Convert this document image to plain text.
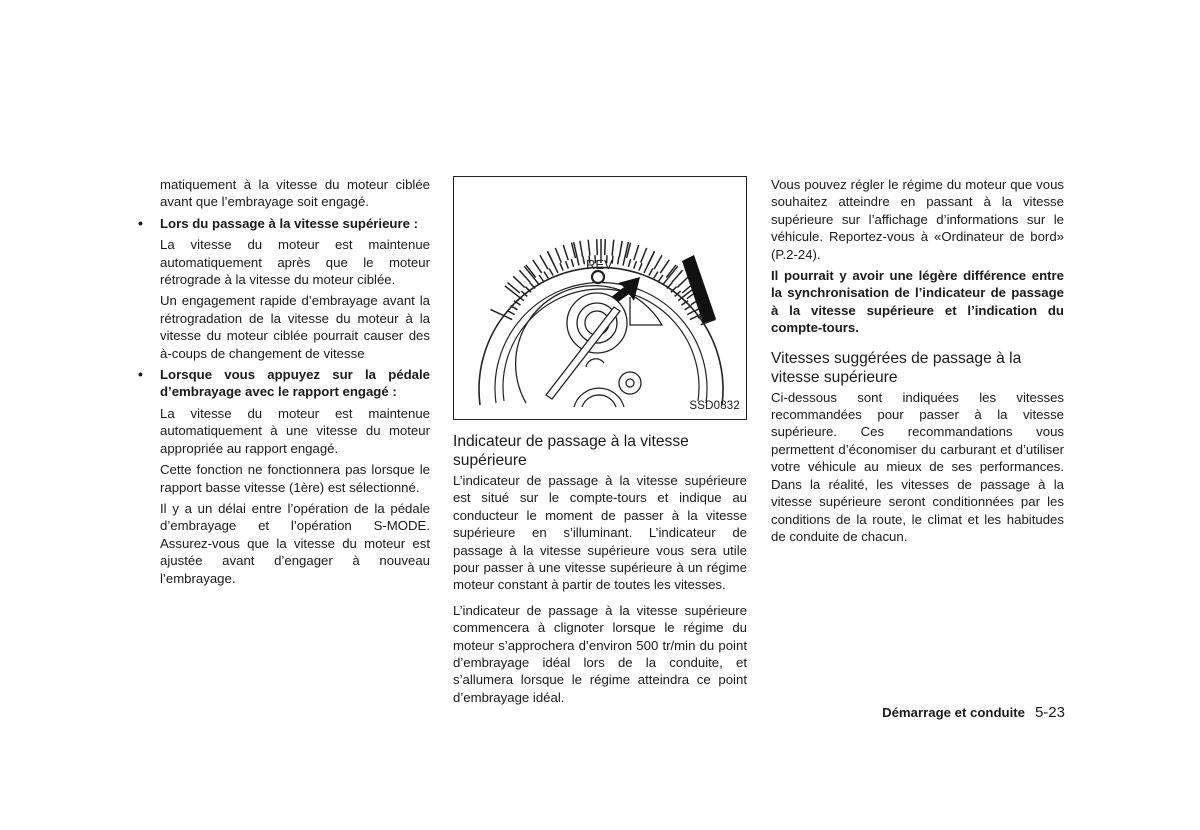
matiquement à la vitesse du moteur ciblée avant que l’embrayage soit engagé.

• Lors du passage à la vitesse supérieure :

La vitesse du moteur est maintenue automatiquement après que le moteur rétrograde à la vitesse du moteur ciblée.

Un engagement rapide d’embrayage avant la rétrogradation de la vitesse du moteur à la vitesse du moteur ciblée pourrait causer des à-coups de changement de vitesse

• Lorsque vous appuyez sur la pédale d’embrayage avec le rapport engagé :

La vitesse du moteur est maintenue automatiquement à une vitesse du moteur appropriée au rapport engagé.

Cette fonction ne fonctionnera pas lorsque le rapport basse vitesse (1ère) est sélectionné.

Il y a un délai entre l’opération de la pédale d’embrayage et l’opération S-MODE. Assurez-vous que la vitesse du moteur est ajustée avant d’engager à nouveau l’embrayage.

REV
SSD0832

Indicateur de passage à la vitesse supérieure

L’indicateur de passage à la vitesse supérieure est situé sur le compte-tours et indique au conducteur le moment de passer à la vitesse supérieure en s’illuminant. L’indicateur de passage à la vitesse supérieure vous sera utile pour passer à une vitesse supérieure à un régime moteur constant à partir de toutes les vitesses.

L’indicateur de passage à la vitesse supérieure commencera à clignoter lorsque le régime du moteur s’approchera d’environ 500 tr/min du point d’embrayage idéal lors de la conduite, et s’allumera lorsque le régime atteindra ce point d’embrayage idéal.

Vous pouvez régler le régime du moteur que vous souhaitez atteindre en passant à la vitesse supérieure sur l’affichage d’informations sur le véhicule. Reportez-vous à «Ordinateur de bord» (P.2-24).

Il pourrait y avoir une légère différence entre la synchronisation de l’indicateur de passage à la vitesse supérieure et l’indication du compte-tours.

Vitesses suggérées de passage à la vitesse supérieure

Ci-dessous sont indiquées les vitesses recommandées pour passer à la vitesse supérieure. Ces recommandations vous permettent d’économiser du carburant et d’utiliser votre véhicule au mieux de ses performances. Dans la réalité, les vitesses de passage à la vitesse supérieure seront conditionnées par les conditions de la route, le climat et les habitudes de conduite de chacun.

Démarrage et conduite 5-23
